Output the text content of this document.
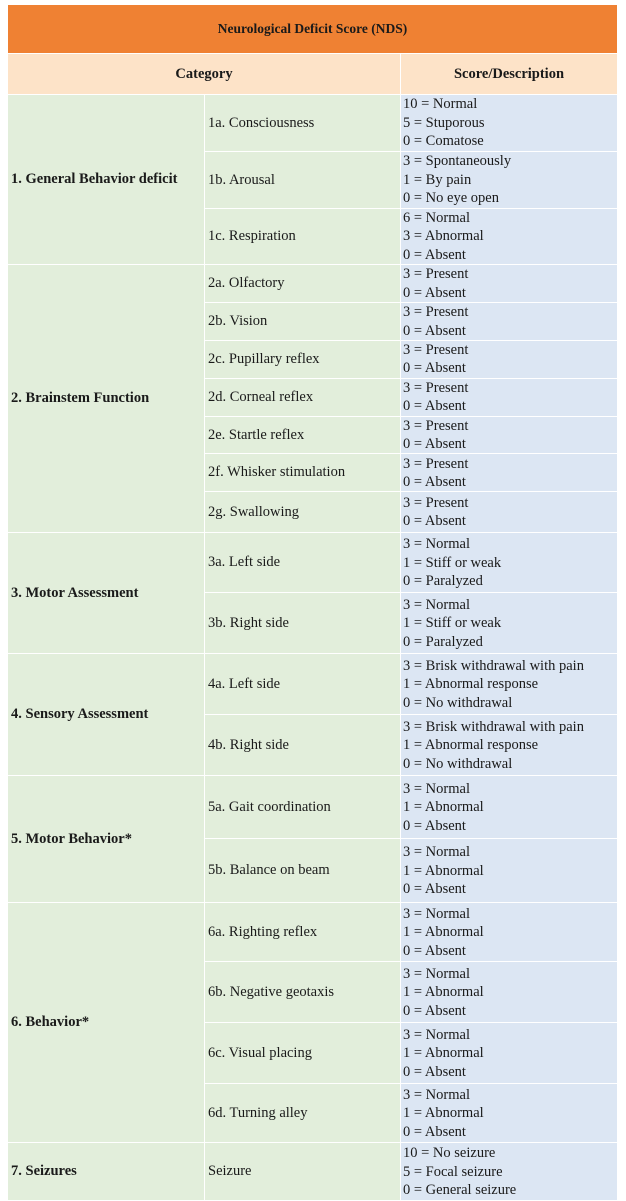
Neurological Deficit Score (NDS)		
Category		Score/Description
1. General Behavior deficit	1a. Consciousness	10 = Normal
5 = Stuporous
0 = Comatose

	1b. Arousal	3 = Spontaneously
1 = By pain
0 = No eye open

	1c. Respiration	6 = Normal
3 = Abnormal
0 = Absent

2. Brainstem Function	2a. Olfactory	3 = Present
0 = Absent

	2b. Vision	3 = Present
0 = Absent

	2c. Pupillary reflex	3 = Present
0 = Absent

	2d. Corneal reflex	3 = Present
0 = Absent

	2e. Startle reflex	3 = Present
0 = Absent

	2f. Whisker stimulation	3 = Present
0 = Absent

	2g. Swallowing	3 = Present
0 = Absent

3. Motor Assessment	3a. Left side	3 = Normal
1 = Stiff or weak
0 = Paralyzed

	3b. Right side	3 = Normal
1 = Stiff or weak
0 = Paralyzed

4. Sensory Assessment	4a. Left side	3 = Brisk withdrawal with pain
1 = Abnormal response
0 = No withdrawal

	4b. Right side	3 = Brisk withdrawal with pain
1 = Abnormal response
0 = No withdrawal

5. Motor Behavior*	5a. Gait coordination	3 = Normal
1 = Abnormal
0 = Absent

	5b. Balance on beam	3 = Normal
1 = Abnormal
0 = Absent

6. Behavior*	6a. Righting reflex	3 = Normal
1 = Abnormal
0 = Absent

	6b. Negative geotaxis	3 = Normal
1 = Abnormal
0 = Absent

	6c. Visual placing	3 = Normal
1 = Abnormal
0 = Absent

	6d. Turning alley	3 = Normal
1 = Abnormal
0 = Absent

7. Seizures	Seizure	10 = No seizure
5 = Focal seizure
0 = General seizure
